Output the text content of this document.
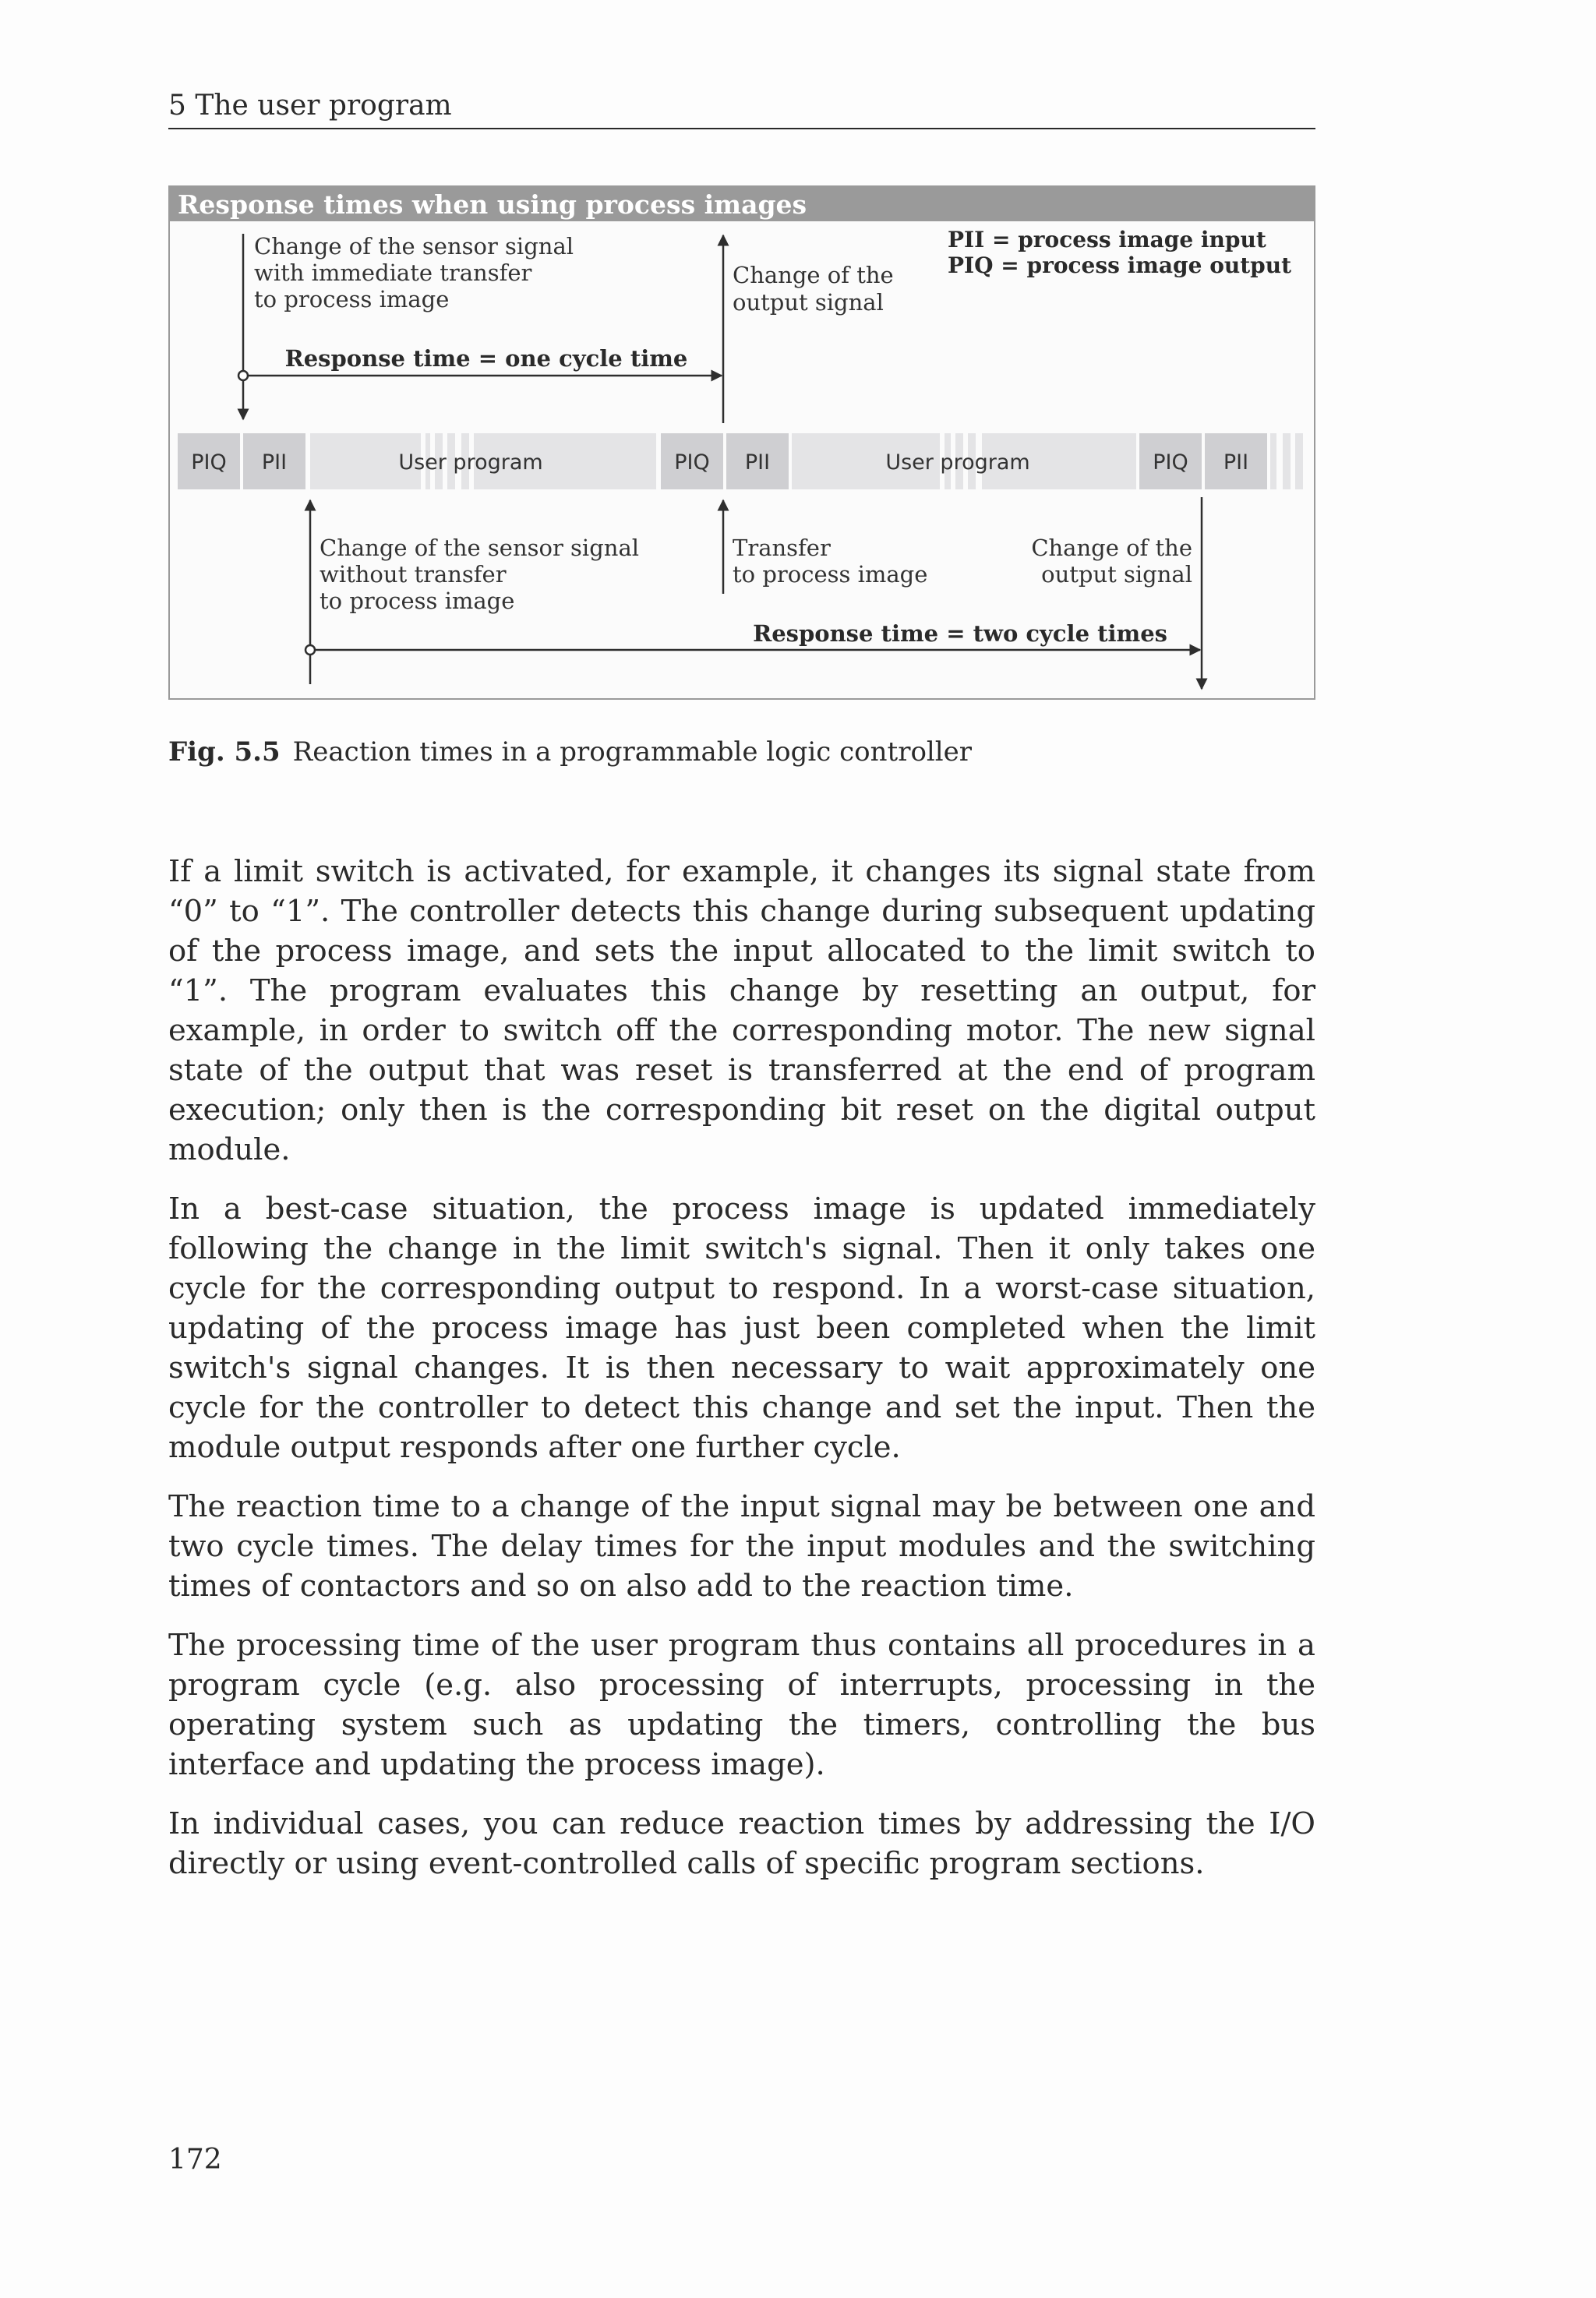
5 The user program
Response times when using process images
PII = process image input
PIQ = process image output
Change of the sensor signal
with immediate transfer
to process image
Change of the
output signal
Response time = one cycle time
PIQ PII	User program	PIQ PII	User program	PIQ PII
Change of the sensor signal
without transfer
to process image
Transfer
to process image
Change of the
output signal
Response time = two cycle times
Fig. 5.5 Reaction times in a programmable logic controller

If a limit switch is activated, for example, it changes its signal state from “0” to “1”. The controller detects this change during subsequent updating of the process image, and sets the input allocated to the limit switch to “1”. The program evaluates this change by resetting an output, for example, in order to switch off the corresponding motor. The new signal state of the output that was reset is transferred at the end of program execution; only then is the corresponding bit reset on the digital output module.

In a best-case situation, the process image is updated immediately following the change in the limit switch's signal. Then it only takes one cycle for the corresponding output to respond. In a worst-case situation, updating of the process image has just been completed when the limit switch's signal changes. It is then necessary to wait approximately one cycle for the controller to detect this change and set the input. Then the module output responds after one further cycle.

The reaction time to a change of the input signal may be between one and two cycle times. The delay times for the input modules and the switching times of contactors and so on also add to the reaction time.

The processing time of the user program thus contains all procedures in a program cycle (e.g. also processing of interrupts, processing in the operating system such as updating the timers, controlling the bus interface and updating the process image).

In individual cases, you can reduce reaction times by addressing the I/O directly or using event-controlled calls of specific program sections.

172
